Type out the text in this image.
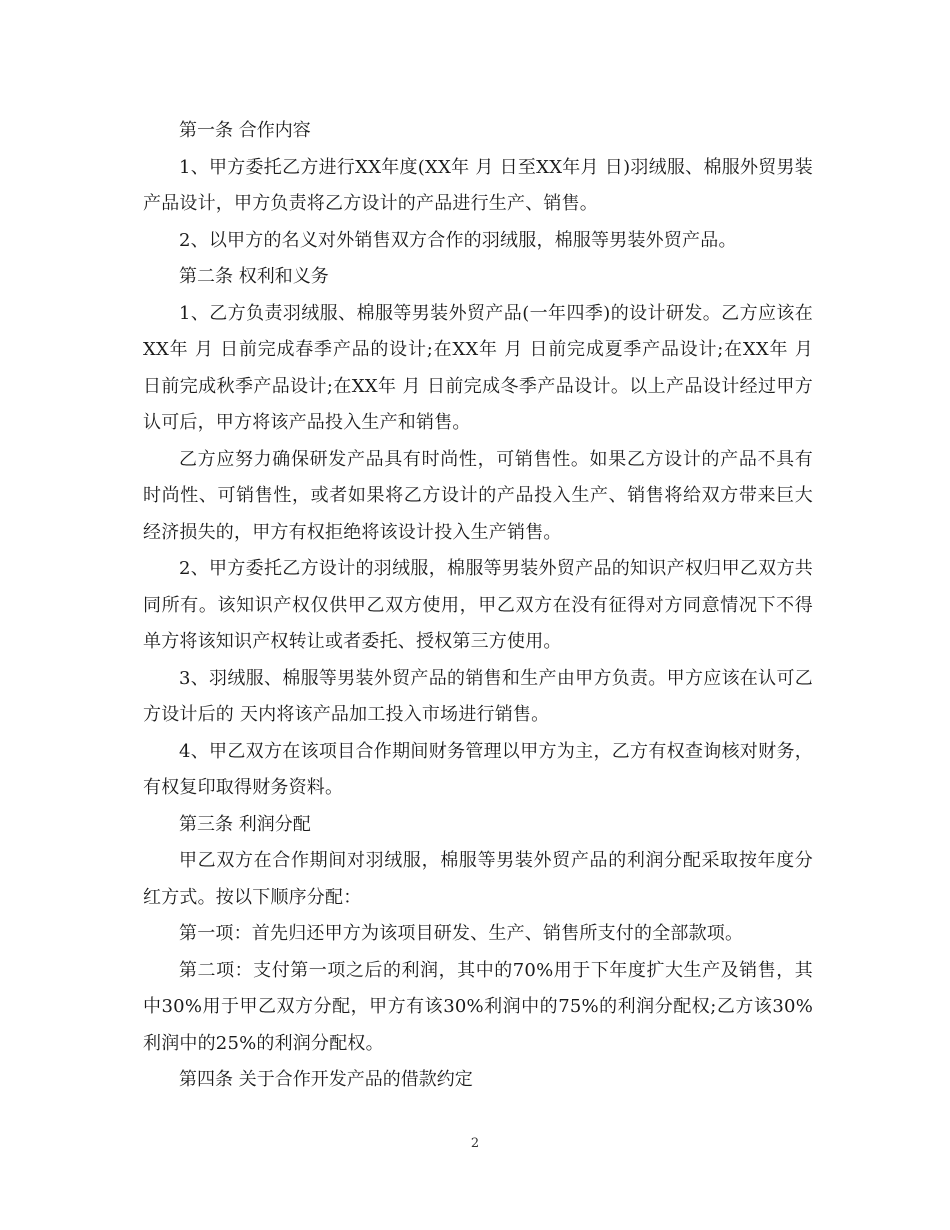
第一条 合作内容

1、甲方委托乙方进行XX年度(XX年 月 日至XX年月 日)羽绒服、棉服外贸男装产品设计，甲方负责将乙方设计的产品进行生产、销售。

2、以甲方的名义对外销售双方合作的羽绒服，棉服等男装外贸产品。

第二条 权利和义务

1、乙方负责羽绒服、棉服等男装外贸产品(一年四季)的设计研发。乙方应该在XX年 月 日前完成春季产品的设计;在XX年 月 日前完成夏季产品设计;在XX年 月 日前完成秋季产品设计;在XX年 月 日前完成冬季产品设计。以上产品设计经过甲方认可后，甲方将该产品投入生产和销售。

乙方应努力确保研发产品具有时尚性，可销售性。如果乙方设计的产品不具有时尚性、可销售性，或者如果将乙方设计的产品投入生产、销售将给双方带来巨大经济损失的，甲方有权拒绝将该设计投入生产销售。

2、甲方委托乙方设计的羽绒服，棉服等男装外贸产品的知识产权归甲乙双方共同所有。该知识产权仅供甲乙双方使用，甲乙双方在没有征得对方同意情况下不得单方将该知识产权转让或者委托、授权第三方使用。

3、羽绒服、棉服等男装外贸产品的销售和生产由甲方负责。甲方应该在认可乙方设计后的 天内将该产品加工投入市场进行销售。

4、甲乙双方在该项目合作期间财务管理以甲方为主，乙方有权查询核对财务，有权复印取得财务资料。

第三条 利润分配

甲乙双方在合作期间对羽绒服，棉服等男装外贸产品的利润分配采取按年度分红方式。按以下顺序分配：

第一项：首先归还甲方为该项目研发、生产、销售所支付的全部款项。

第二项：支付第一项之后的利润，其中的70%用于下年度扩大生产及销售，其中30%用于甲乙双方分配，甲方有该30%利润中的75%的利润分配权;乙方该30%利润中的25%的利润分配权。

第四条 关于合作开发产品的借款约定

2
